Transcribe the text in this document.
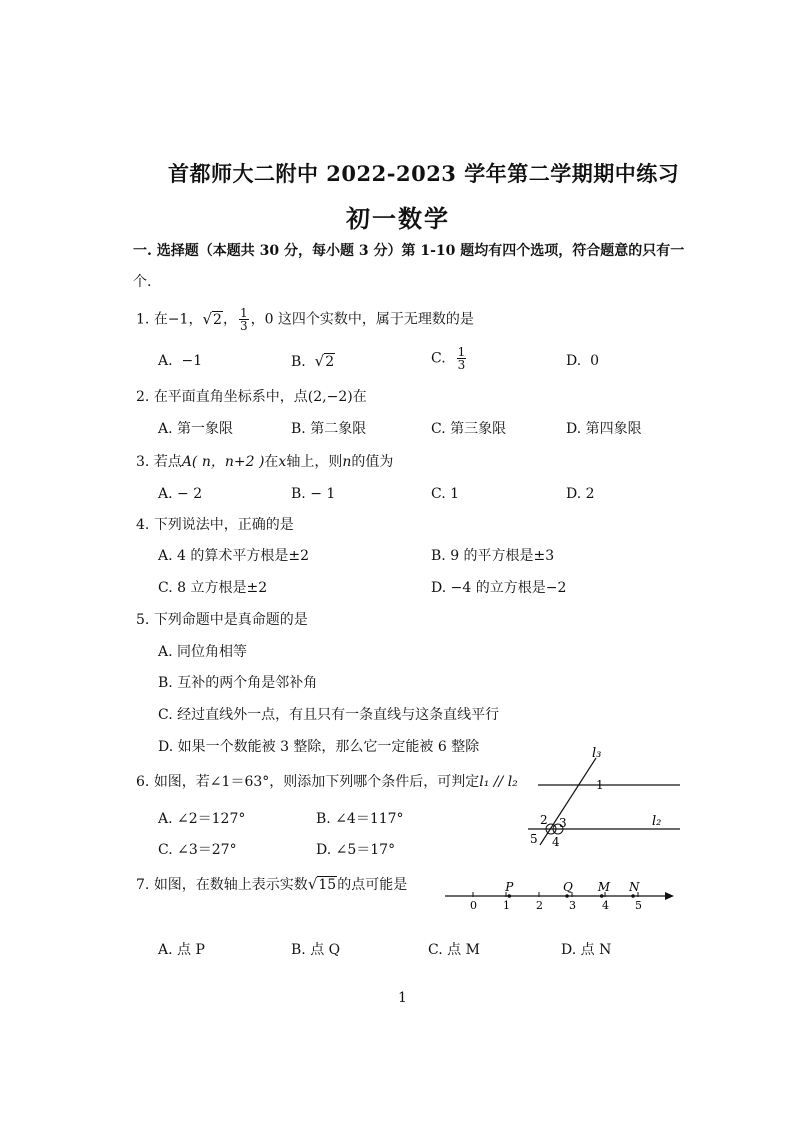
首都师大二附中 2022-2023 学年第二学期期中练习
初一数学
一. 选择题（本题共 30 分，每小题 3 分）第 1-10 题均有四个选项，符合题意的只有一
个.
1. 在−1，√2， $\frac{1}{3}$ ，0 这四个实数中，属于无理数的是
A. −1	B. √2	C. $\frac{1}{3}$	D. 0
2. 在平面直角坐标系中，点(2,−2)在
A. 第一象限	B. 第二象限	C. 第三象限	D. 第四象限
3. 若点A( n，n+2 )在x轴上，则n的值为
A. − 2	B. − 1	C. 1	D. 2
4. 下列说法中，正确的是
A. 4 的算术平方根是±2	B. 9 的平方根是±3
C. 8 立方根是±2	D. −4 的立方根是−2
5. 下列命题中是真命题的是
A. 同位角相等
B. 互补的两个角是邻补角
C. 经过直线外一点，有且只有一条直线与这条直线平行
D. 如果一个数能被 3 整除，那么它一定能被 6 整除
6. 如图，若∠1＝63°，则添加下列哪个条件后，可判定l₁ // l₂
A. ∠2＝127°	B. ∠4＝117°
C. ∠3＝27°	D. ∠5＝17°
l₃
l₂
1
2 3
4
5
7. 如图，在数轴上表示实数√15的点可能是
0 1 2 3 4 5
P	Q M N
A. 点 P	B. 点 Q	C. 点 M	D. 点 N
1
